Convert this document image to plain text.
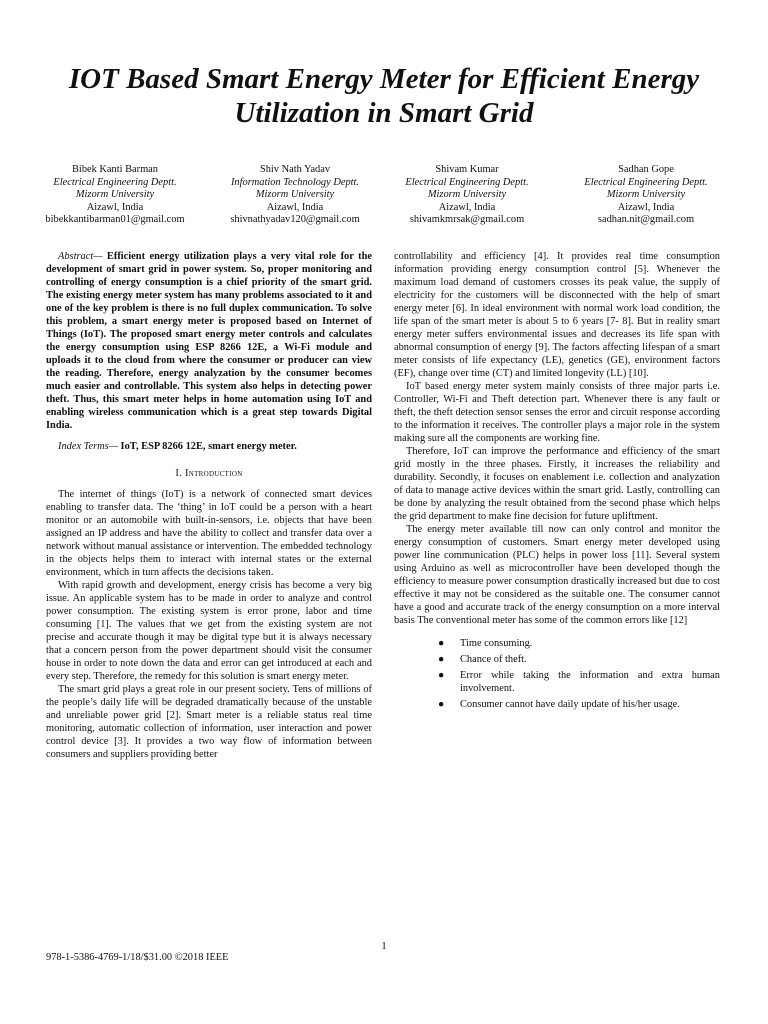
IOT Based Smart Energy Meter for Efficient Energy Utilization in Smart Grid
Bibek Kanti Barman
Electrical Engineering Deptt.
Mizorm University
Aizawl, India
bibekkantibarman01@gmail.com
Shiv Nath Yadav
Information Technology Deptt.
Mizorm University
Aizawl, India
shivnathyadav120@gmail.com
Shivam Kumar
Electrical Engineering Deptt.
Mizorm University
Aizawl, India
shivamkmrsak@gmail.com
Sadhan Gope
Electrical Engineering Deptt.
Mizorm University
Aizawl, India
sadhan.nit@gmail.com

Abstract— Efficient energy utilization plays a very vital role for the development of smart grid in power system. So, proper monitoring and controlling of energy consumption is a chief priority of the smart grid. The existing energy meter system has many problems associated to it and one of the key problem is there is no full duplex communication. To solve this problem, a smart energy meter is proposed based on Internet of Things (IoT). The proposed smart energy meter controls and calculates the energy consumption using ESP 8266 12E, a Wi-Fi module and uploads it to the cloud from where the consumer or producer can view the reading. Therefore, energy analyzation by the consumer becomes much easier and controllable. This system also helps in detecting power theft. Thus, this smart meter helps in home automation using IoT and enabling wireless communication which is a great step towards Digital India.

Index Terms— IoT, ESP 8266 12E, smart energy meter.

I. Introduction

The internet of things (IoT) is a network of connected smart devices enabling to transfer data. The ‘thing’ in IoT could be a person with a heart monitor or an automobile with built-in-sensors, i.e. objects that have been assigned an IP address and have the ability to collect and transfer data over a network without manual assistance or intervention. The embedded technology in the objects helps them to interact with internal states or the external environment, which in turn affects the decisions taken.

With rapid growth and development, energy crisis has become a very big issue. An applicable system has to be made in order to analyze and control power consumption. The existing system is error prone, labor and time consuming [1]. The values that we get from the existing system are not precise and accurate though it may be digital type but it is always necessary that a concern person from the power department should visit the consumer house in order to note down the data and error can get introduced at each and every step. Therefore, the remedy for this solution is smart energy meter.

The smart grid plays a great role in our present society. Tens of millions of the people’s daily life will be degraded dramatically because of the unstable and unreliable power grid [2]. Smart meter is a reliable status real time monitoring, automatic collection of information, user interaction and power control device [3]. It provides a two way flow of information between consumers and suppliers providing better

controllability and efficiency [4]. It provides real time consumption information providing energy consumption control [5]. Whenever the maximum load demand of customers crosses its peak value, the supply of electricity for the customers will be disconnected with the help of smart energy meter [6]. In ideal environment with normal work load condition, the life span of the smart meter is about 5 to 6 years [7- 8]. But in reality smart energy meter suffers environmental issues and decreases its life span with abnormal consumption of energy [9]. The factors affecting lifespan of a smart meter consists of life expectancy (LE), genetics (GE), environment factors (EF), change over time (CT) and limited longevity (LL) [10].

IoT based energy meter system mainly consists of three major parts i.e. Controller, Wi-Fi and Theft detection part. Whenever there is any fault or theft, the theft detection sensor senses the error and circuit response according to the information it receives. The controller plays a major role in the system making sure all the components are working fine.

Therefore, IoT can improve the performance and efficiency of the smart grid mostly in the three phases. Firstly, it increases the reliability and durability. Secondly, it focuses on enablement i.e. collection and analyzation of data to manage active devices within the smart grid. Lastly, controlling can be done by analyzing the result obtained from the second phase which helps the grid department to make fine decision for future upliftment.

The energy meter available till now can only control and monitor the energy consumption of customers. Smart energy meter developed using power line communication (PLC) helps in power loss [11]. Several system using Arduino as well as microcontroller have been developed though the efficiency to measure power consumption drastically increased but due to cost effective it may not be considered as the suitable one. The consumer cannot have a good and accurate track of the energy consumption on a more interval basis The conventional meter has some of the common errors like [12]

● Time consuming.
● Chance of theft.
● Error while taking the information and extra human involvement.
● Consumer cannot have daily update of his/her usage.
1
978-1-5386-4769-1/18/$31.00 ©2018 IEEE
